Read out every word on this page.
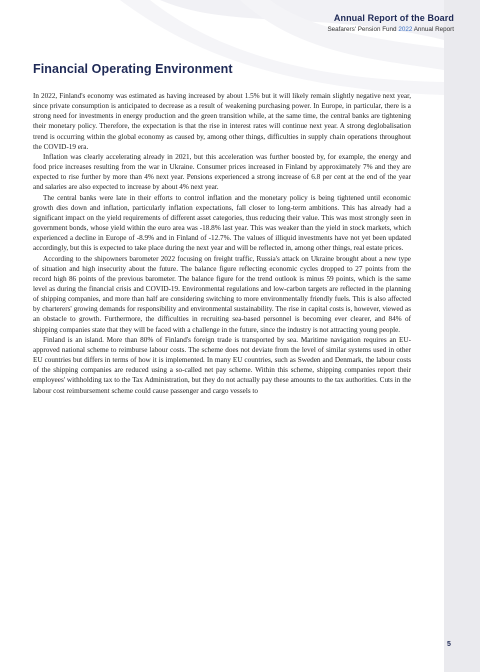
Annual Report of the Board
Seafarers' Pension Fund 2022 Annual Report
Financial Operating Environment

In 2022, Finland's economy was estimated as having increased by about 1.5% but it will likely remain slightly negative next year, since private consumption is anticipated to decrease as a result of weakening purchasing power. In Europe, in particular, there is a strong need for investments in energy production and the green transition while, at the same time, the central banks are tightening their monetary policy. Therefore, the expectation is that the rise in interest rates will continue next year. A strong deglobalisation trend is occurring within the global economy as caused by, among other things, difficulties in supply chain operations throughout the COVID-19 era.

Inflation was clearly accelerating already in 2021, but this acceleration was further boosted by, for example, the energy and food price increases resulting from the war in Ukraine. Consumer prices increased in Finland by approximately 7% and they are expected to rise further by more than 4% next year. Pensions experienced a strong increase of 6.8 per cent at the end of the year and salaries are also expected to increase by about 4% next year.

The central banks were late in their efforts to control inflation and the monetary policy is being tightened until economic growth dies down and inflation, particularly inflation expectations, fall closer to long-term ambitions. This has already had a significant impact on the yield requirements of different asset categories, thus reducing their value. This was most strongly seen in government bonds, whose yield within the euro area was -18.8% last year. This was weaker than the yield in stock markets, which experienced a decline in Europe of -8.9% and in Finland of -12.7%. The values of illiquid investments have not yet been updated accordingly, but this is expected to take place during the next year and will be reflected in, among other things, real estate prices.

According to the shipowners barometer 2022 focusing on freight traffic, Russia's attack on Ukraine brought about a new type of situation and high insecurity about the future. The balance figure reflecting economic cycles dropped to 27 points from the record high 86 points of the previous barometer. The balance figure for the trend outlook is minus 59 points, which is the same level as during the financial crisis and COVID-19. Environmental regulations and low-carbon targets are reflected in the planning of shipping companies, and more than half are considering switching to more environmentally friendly fuels. This is also affected by charterers' growing demands for responsibility and environmental sustainability. The rise in capital costs is, however, viewed as an obstacle to growth. Furthermore, the difficulties in recruiting sea-based personnel is becoming ever clearer, and 84% of shipping companies state that they will be faced with a challenge in the future, since the industry is not attracting young people.

Finland is an island. More than 80% of Finland's foreign trade is transported by sea. Maritime navigation requires an EU-approved national scheme to reimburse labour costs. The scheme does not deviate from the level of similar systems used in other EU countries but differs in terms of how it is implemented. In many EU countries, such as Sweden and Denmark, the labour costs of the shipping companies are reduced using a so-called net pay scheme. Within this scheme, shipping companies report their employees' withholding tax to the Tax Administration, but they do not actually pay these amounts to the tax authorities. Cuts in the labour cost reimbursement scheme could cause passenger and cargo vessels to

5
